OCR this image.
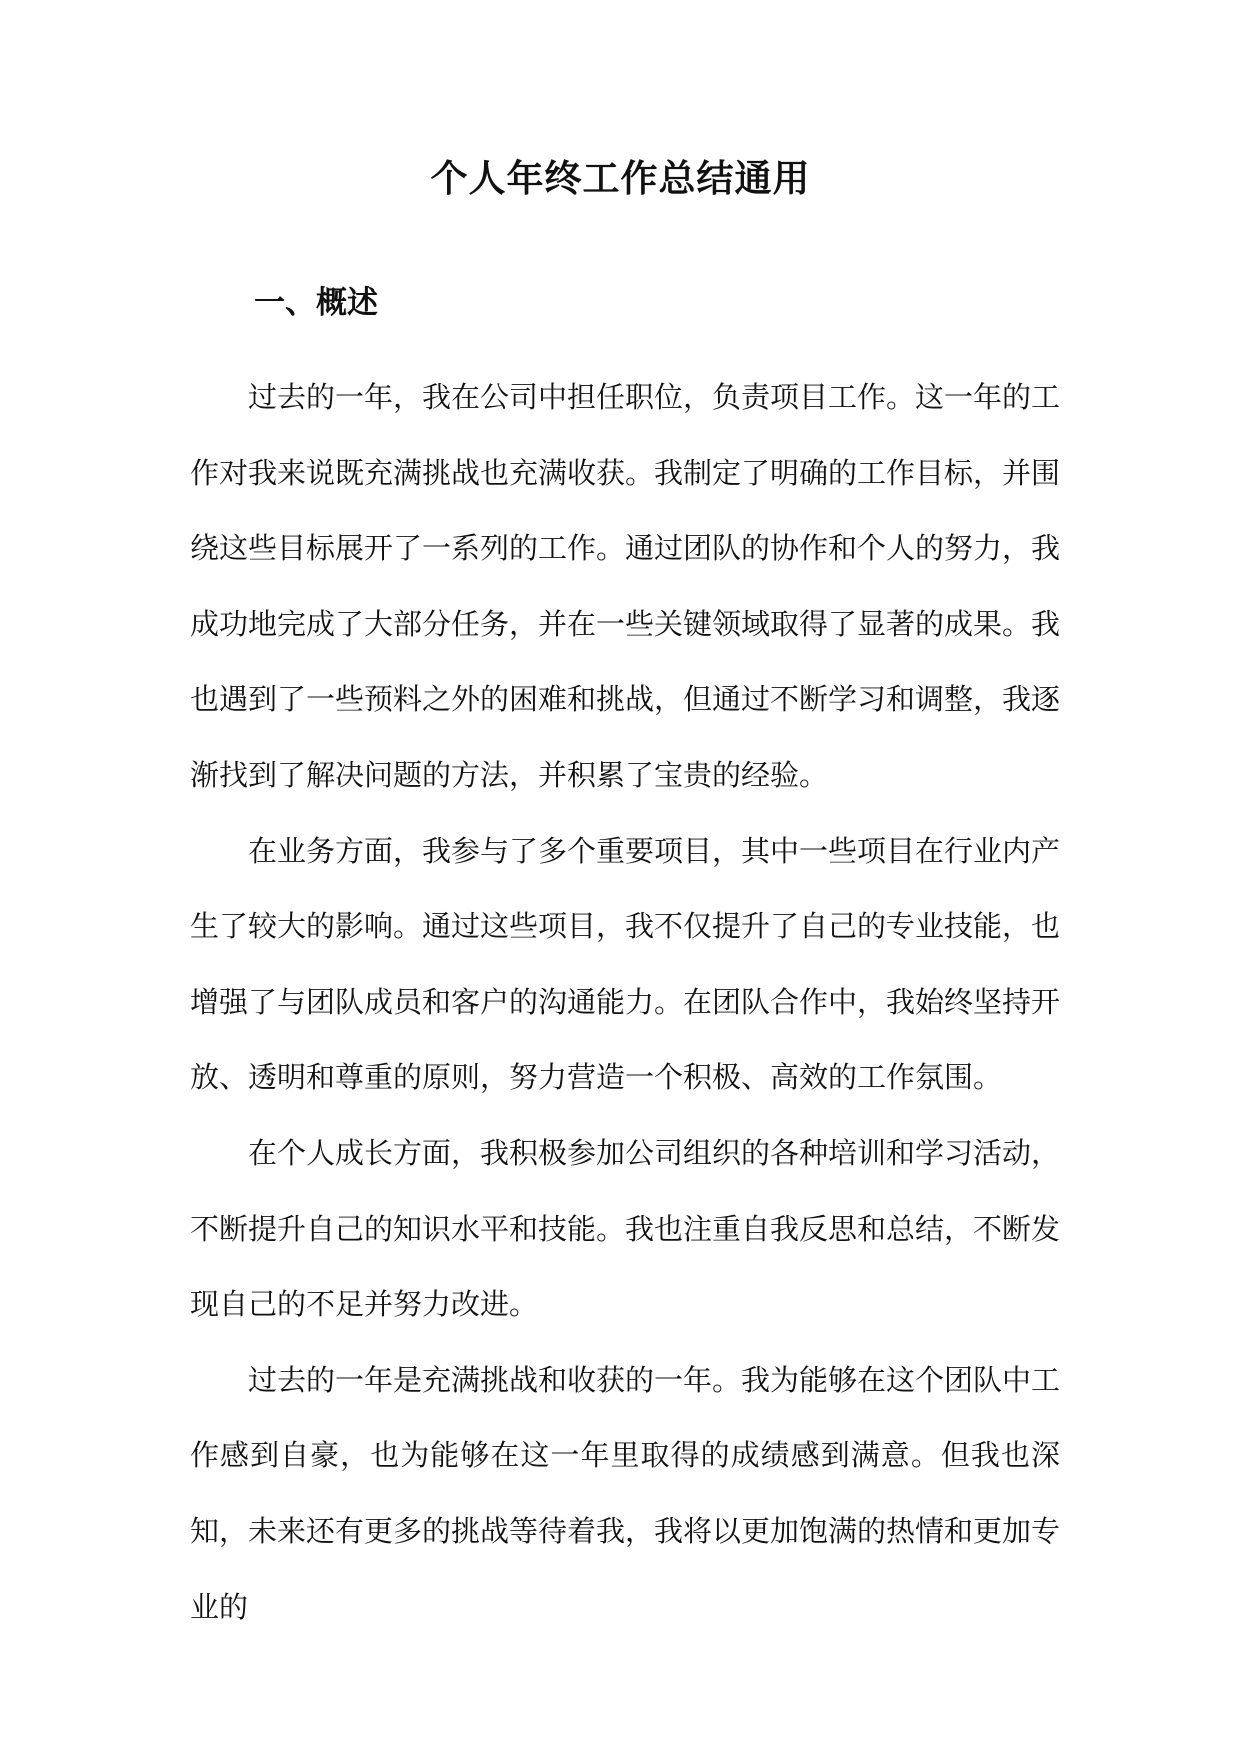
个人年终工作总结通用
一、概述

过去的一年，我在公司中担任职位，负责项目工作。这一年的工作对我来说既充满挑战也充满收获。我制定了明确的工作目标，并围绕这些目标展开了一系列的工作。通过团队的协作和个人的努力，我成功地完成了大部分任务，并在一些关键领域取得了显著的成果。我也遇到了一些预料之外的困难和挑战，但通过不断学习和调整，我逐渐找到了解决问题的方法，并积累了宝贵的经验。

在业务方面，我参与了多个重要项目，其中一些项目在行业内产生了较大的影响。通过这些项目，我不仅提升了自己的专业技能，也增强了与团队成员和客户的沟通能力。在团队合作中，我始终坚持开放、透明和尊重的原则，努力营造一个积极、高效的工作氛围。

在个人成长方面，我积极参加公司组织的各种培训和学习活动，不断提升自己的知识水平和技能。我也注重自我反思和总结，不断发现自己的不足并努力改进。

过去的一年是充满挑战和收获的一年。我为能够在这个团队中工作感到自豪，也为能够在这一年里取得的成绩感到满意。但我也深知，未来还有更多的挑战等待着我，我将以更加饱满的热情和更加专业的
